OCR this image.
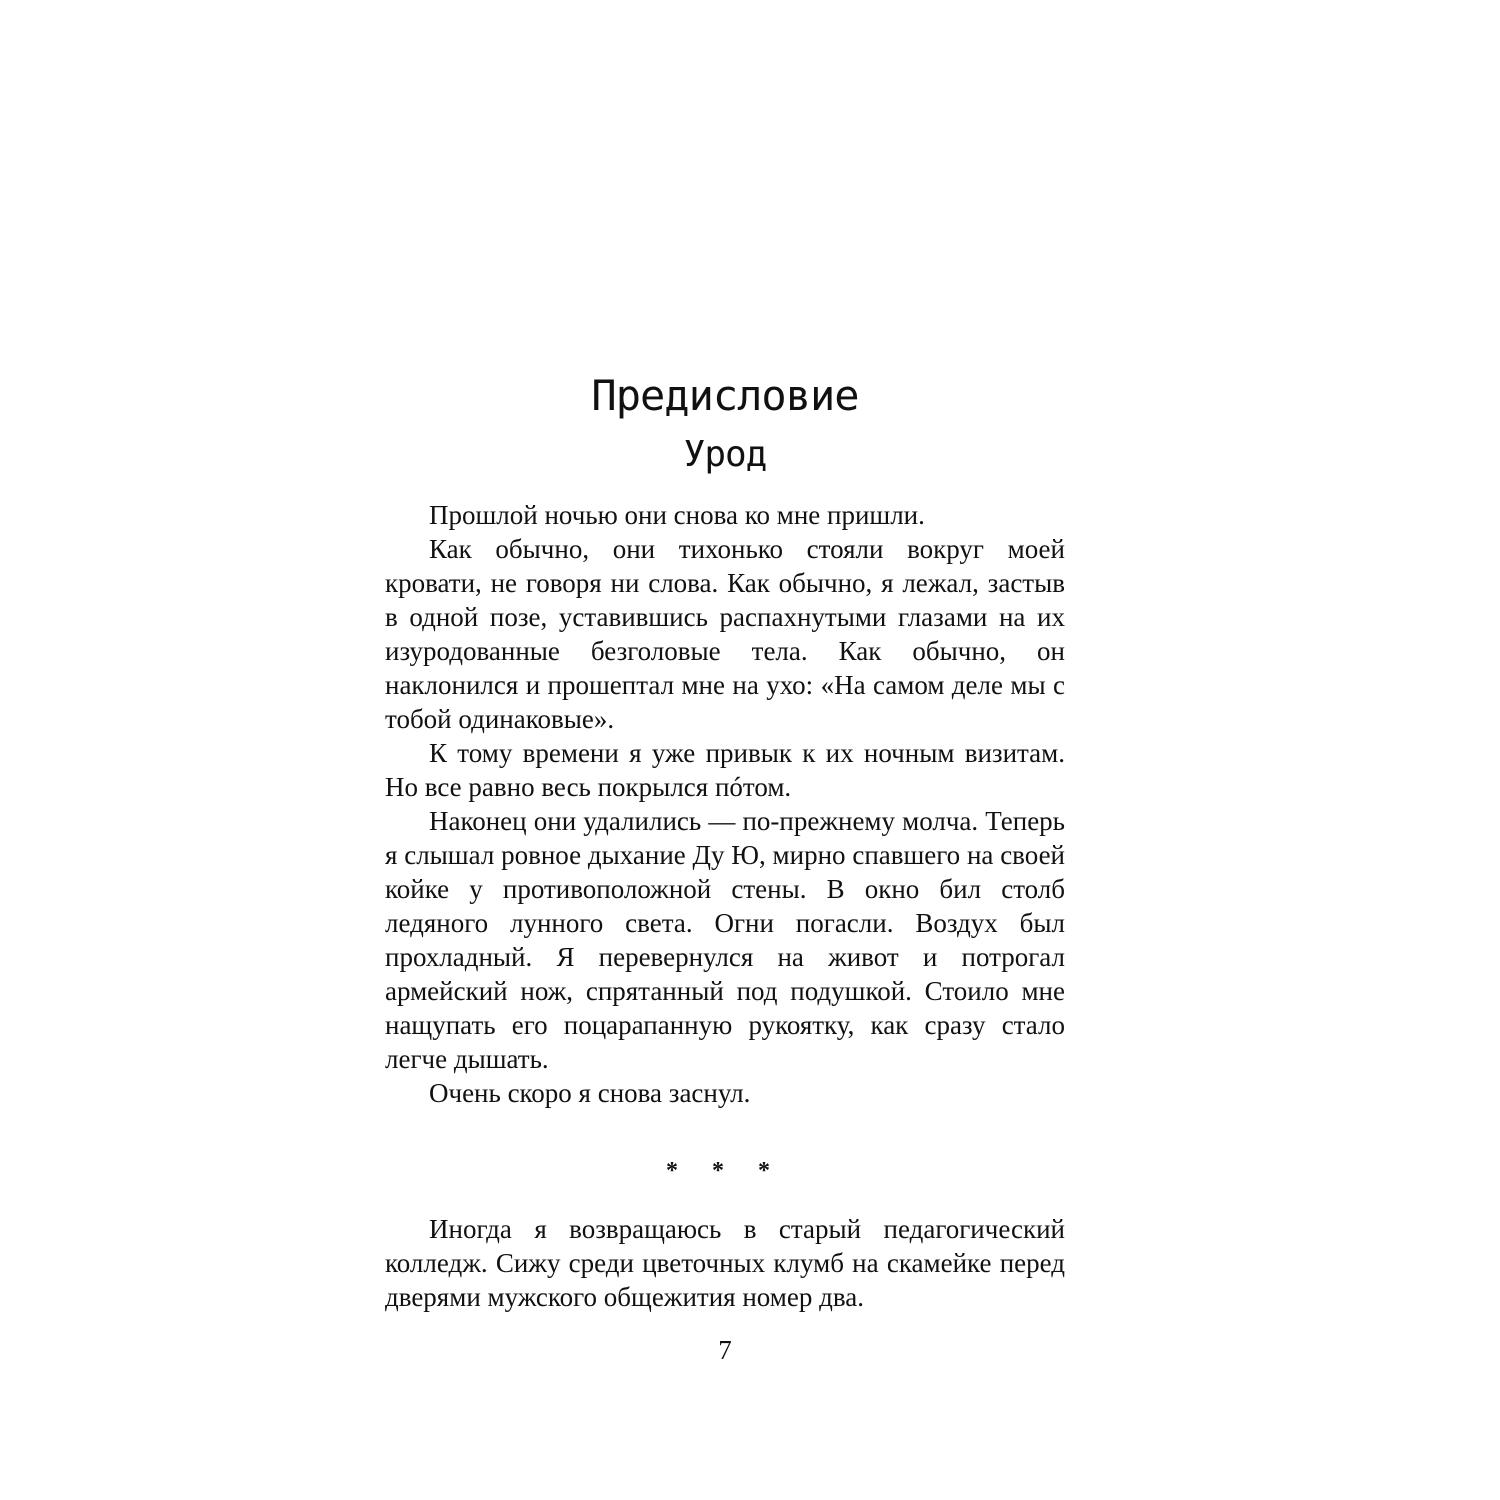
Предисловие
Урод

Прошлой ночью они снова ко мне пришли.

Как обычно, они тихонько стояли вокруг моей кровати, не говоря ни слова. Как обычно, я лежал, застыв в одной позе, уставившись распахнутыми глазами на их изуродованные безголовые тела. Как обычно, он наклонился и прошептал мне на ухо: «На самом деле мы с тобой одинаковые».

К тому времени я уже привык к их ночным визитам. Но все равно весь покрылся пóтом.

Наконец они удалились — по-прежнему молча. Теперь я слышал ровное дыхание Ду Ю, мирно спавшего на своей койке у противоположной стены. В окно бил столб ледяного лунного света. Огни погасли. Воздух был прохладный. Я перевернулся на живот и потрогал армейский нож, спрятанный под подушкой. Стоило мне нащупать его поцарапанную рукоятку, как сразу стало легче дышать.

Очень скоро я снова заснул.

* * *

Иногда я возвращаюсь в старый педагогический колледж. Сижу среди цветочных клумб на скамейке перед дверями мужского общежития номер два.

7
